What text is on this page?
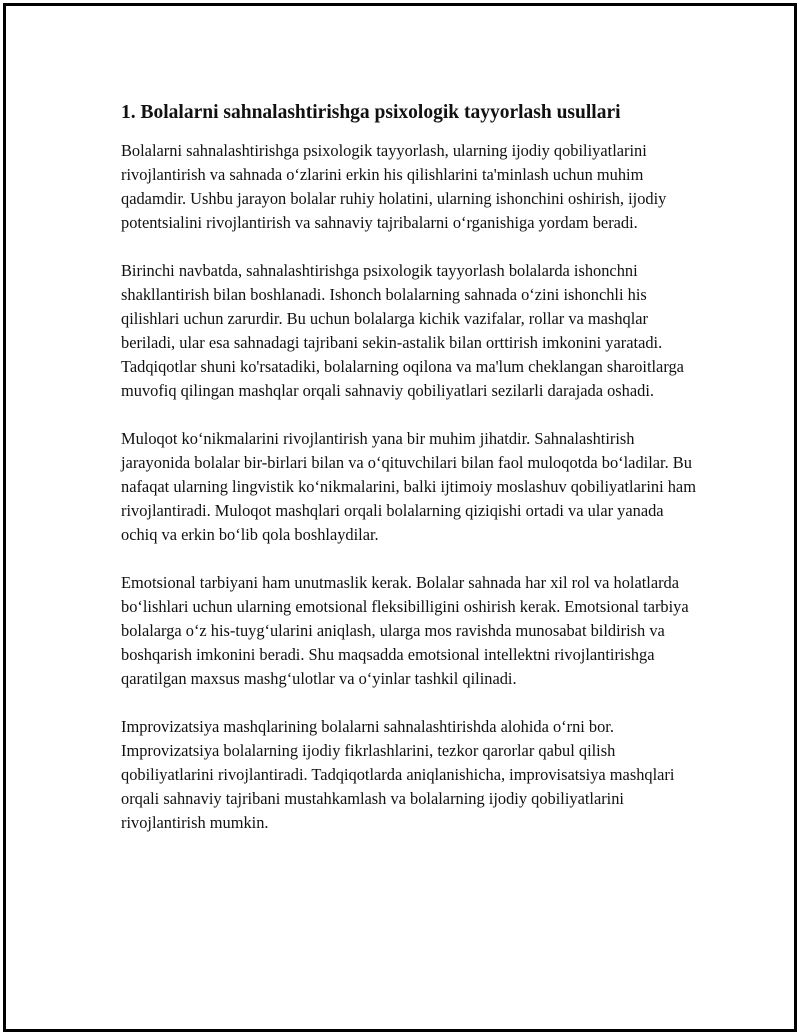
1. Bolalarni sahnalashtirishga psixologik tayyorlash usullari

Bolalarni sahnalashtirishga psixologik tayyorlash, ularning ijodiy qobiliyatlarini rivojlantirish va sahnada o‘zlarini erkin his qilishlarini ta'minlash uchun muhim qadamdir. Ushbu jarayon bolalar ruhiy holatini, ularning ishonchini oshirish, ijodiy potentsialini rivojlantirish va sahnaviy tajribalarni o‘rganishiga yordam beradi.

Birinchi navbatda, sahnalashtirishga psixologik tayyorlash bolalarda ishonchni shakllantirish bilan boshlanadi. Ishonch bolalarning sahnada o‘zini ishonchli his qilishlari uchun zarurdir. Bu uchun bolalarga kichik vazifalar, rollar va mashqlar beriladi, ular esa sahnadagi tajribani sekin-astalik bilan orttirish imkonini yaratadi. Tadqiqotlar shuni ko'rsatadiki, bolalarning oqilona va ma'lum cheklangan sharoitlarga muvofiq qilingan mashqlar orqali sahnaviy qobiliyatlari sezilarli darajada oshadi.

Muloqot ko‘nikmalarini rivojlantirish yana bir muhim jihatdir. Sahnalashtirish jarayonida bolalar bir-birlari bilan va o‘qituvchilari bilan faol muloqotda bo‘ladilar. Bu nafaqat ularning lingvistik ko‘nikmalarini, balki ijtimoiy moslashuv qobiliyatlarini ham rivojlantiradi. Muloqot mashqlari orqali bolalarning qiziqishi ortadi va ular yanada ochiq va erkin bo‘lib qola boshlaydilar.

Emotsional tarbiyani ham unutmaslik kerak. Bolalar sahnada har xil rol va holatlarda bo‘lishlari uchun ularning emotsional fleksibilligini oshirish kerak. Emotsional tarbiya bolalarga o‘z his-tuyg‘ularini aniqlash, ularga mos ravishda munosabat bildirish va boshqarish imkonini beradi. Shu maqsadda emotsional intellektni rivojlantirishga qaratilgan maxsus mashg‘ulotlar va o‘yinlar tashkil qilinadi.

Improvizatsiya mashqlarining bolalarni sahnalashtirishda alohida o‘rni bor. Improvizatsiya bolalarning ijodiy fikrlashlarini, tezkor qarorlar qabul qilish qobiliyatlarini rivojlantiradi. Tadqiqotlarda aniqlanishicha, improvisatsiya mashqlari orqali sahnaviy tajribani mustahkamlash va bolalarning ijodiy qobiliyatlarini rivojlantirish mumkin.
